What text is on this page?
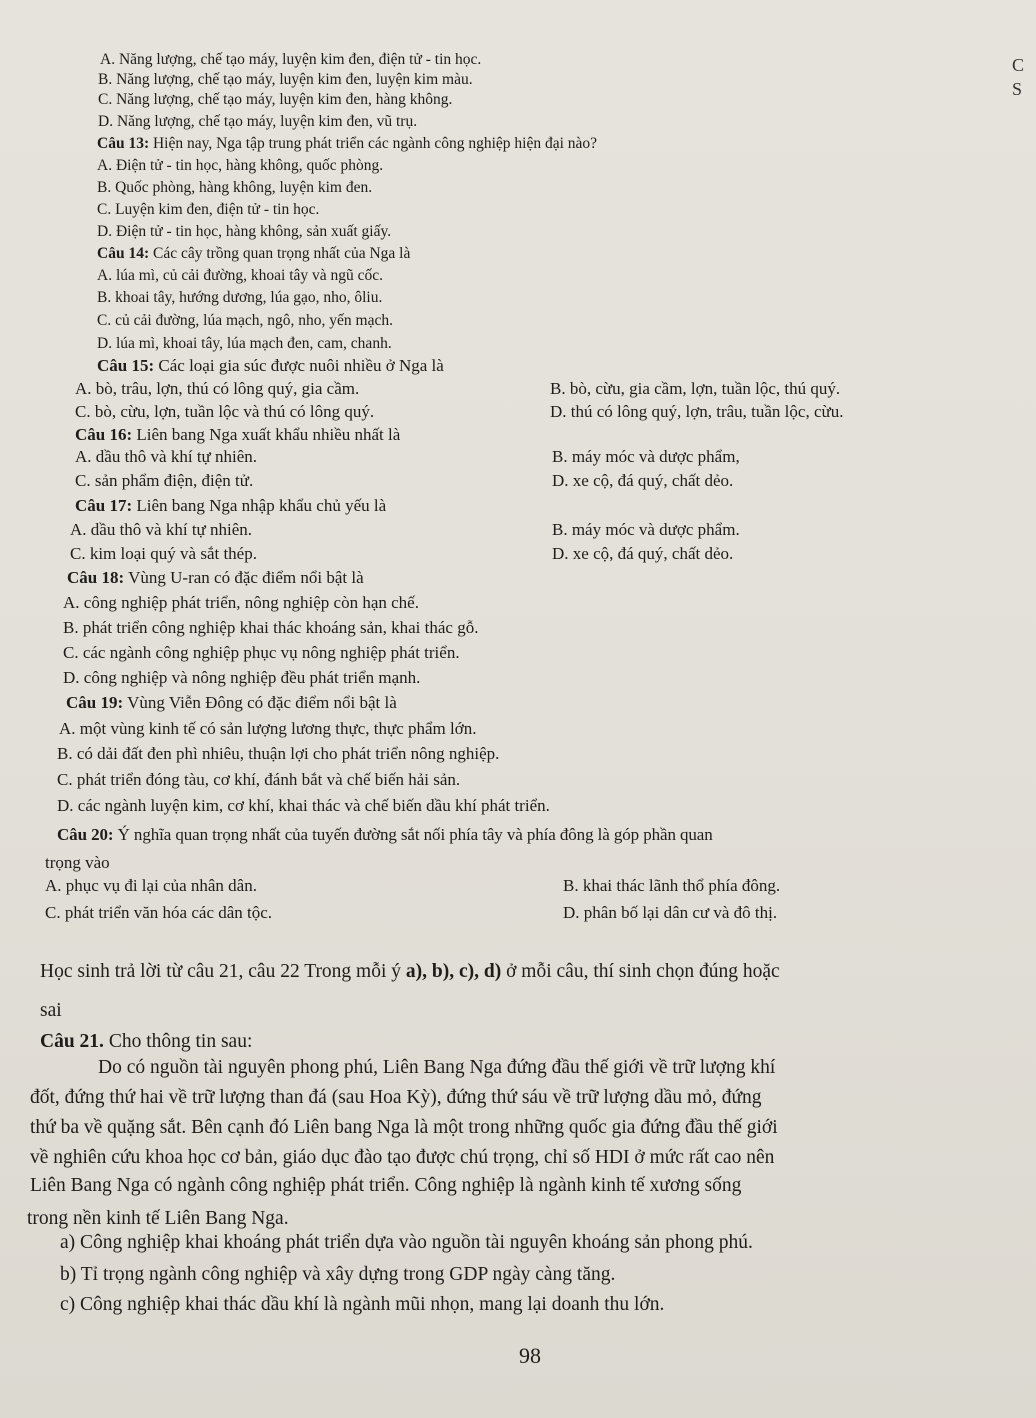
C
S
A. Năng lượng, chế tạo máy, luyện kim đen, điện tử - tin học.
B. Năng lượng, chế tạo máy, luyện kim đen, luyện kim màu.
C. Năng lượng, chế tạo máy, luyện kim đen, hàng không.
D. Năng lượng, chế tạo máy, luyện kim đen, vũ trụ.
Câu 13: Hiện nay, Nga tập trung phát triển các ngành công nghiệp hiện đại nào?
A. Điện tử - tin học, hàng không, quốc phòng.
B. Quốc phòng, hàng không, luyện kim đen.
C. Luyện kim đen, điện tử - tin học.
D. Điện tử - tin học, hàng không, sản xuất giấy.
Câu 14: Các cây trồng quan trọng nhất của Nga là
A. lúa mì, củ cải đường, khoai tây và ngũ cốc.
B. khoai tây, hướng dương, lúa gạo, nho, ôliu.
C. củ cải đường, lúa mạch, ngô, nho, yến mạch.
D. lúa mì, khoai tây, lúa mạch đen, cam, chanh.
Câu 15: Các loại gia súc được nuôi nhiều ở Nga là
A. bò, trâu, lợn, thú có lông quý, gia cầm.	B. bò, cừu, gia cầm, lợn, tuần lộc, thú quý.
C. bò, cừu, lợn, tuần lộc và thú có lông quý.	D. thú có lông quý, lợn, trâu, tuần lộc, cừu.
Câu 16: Liên bang Nga xuất khẩu nhiều nhất là
A. dầu thô và khí tự nhiên.	B. máy móc và dược phẩm,
C. sản phẩm điện, điện tử.	D. xe cộ, đá quý, chất dẻo.
Câu 17: Liên bang Nga nhập khẩu chủ yếu là
A. dầu thô và khí tự nhiên.	B. máy móc và dược phẩm.
C. kim loại quý và sắt thép.	D. xe cộ, đá quý, chất dẻo.
Câu 18: Vùng U-ran có đặc điểm nổi bật là
A. công nghiệp phát triển, nông nghiệp còn hạn chế.
B. phát triển công nghiệp khai thác khoáng sản, khai thác gỗ.
C. các ngành công nghiệp phục vụ nông nghiệp phát triển.
D. công nghiệp và nông nghiệp đều phát triển mạnh.
Câu 19: Vùng Viễn Đông có đặc điểm nổi bật là
A. một vùng kinh tế có sản lượng lương thực, thực phẩm lớn.
B. có dải đất đen phì nhiêu, thuận lợi cho phát triển nông nghiệp.
C. phát triển đóng tàu, cơ khí, đánh bắt và chế biến hải sản.
D. các ngành luyện kim, cơ khí, khai thác và chế biến dầu khí phát triển.
Câu 20: Ý nghĩa quan trọng nhất của tuyến đường sắt nối phía tây và phía đông là góp phần quan
trọng vào
A. phục vụ đi lại của nhân dân.	B. khai thác lãnh thổ phía đông.
C. phát triển văn hóa các dân tộc.	D. phân bố lại dân cư và đô thị.
Học sinh trả lời từ câu 21, câu 22 Trong mỗi ý a), b), c), d) ở mỗi câu, thí sinh chọn đúng hoặc
sai
Câu 21. Cho thông tin sau:
Do có nguồn tài nguyên phong phú, Liên Bang Nga đứng đầu thế giới về trữ lượng khí
đốt, đứng thứ hai về trữ lượng than đá (sau Hoa Kỳ), đứng thứ sáu về trữ lượng dầu mỏ, đứng
thứ ba về quặng sắt. Bên cạnh đó Liên bang Nga là một trong những quốc gia đứng đầu thế giới
về nghiên cứu khoa học cơ bản, giáo dục đào tạo được chú trọng, chỉ số HDI ở mức rất cao nên
Liên Bang Nga có ngành công nghiệp phát triển. Công nghiệp là ngành kinh tế xương sống
trong nền kinh tế Liên Bang Nga.
a) Công nghiệp khai khoáng phát triển dựa vào nguồn tài nguyên khoáng sản phong phú.
b) Tỉ trọng ngành công nghiệp và xây dựng trong GDP ngày càng tăng.
c) Công nghiệp khai thác dầu khí là ngành mũi nhọn, mang lại doanh thu lớn.
98
